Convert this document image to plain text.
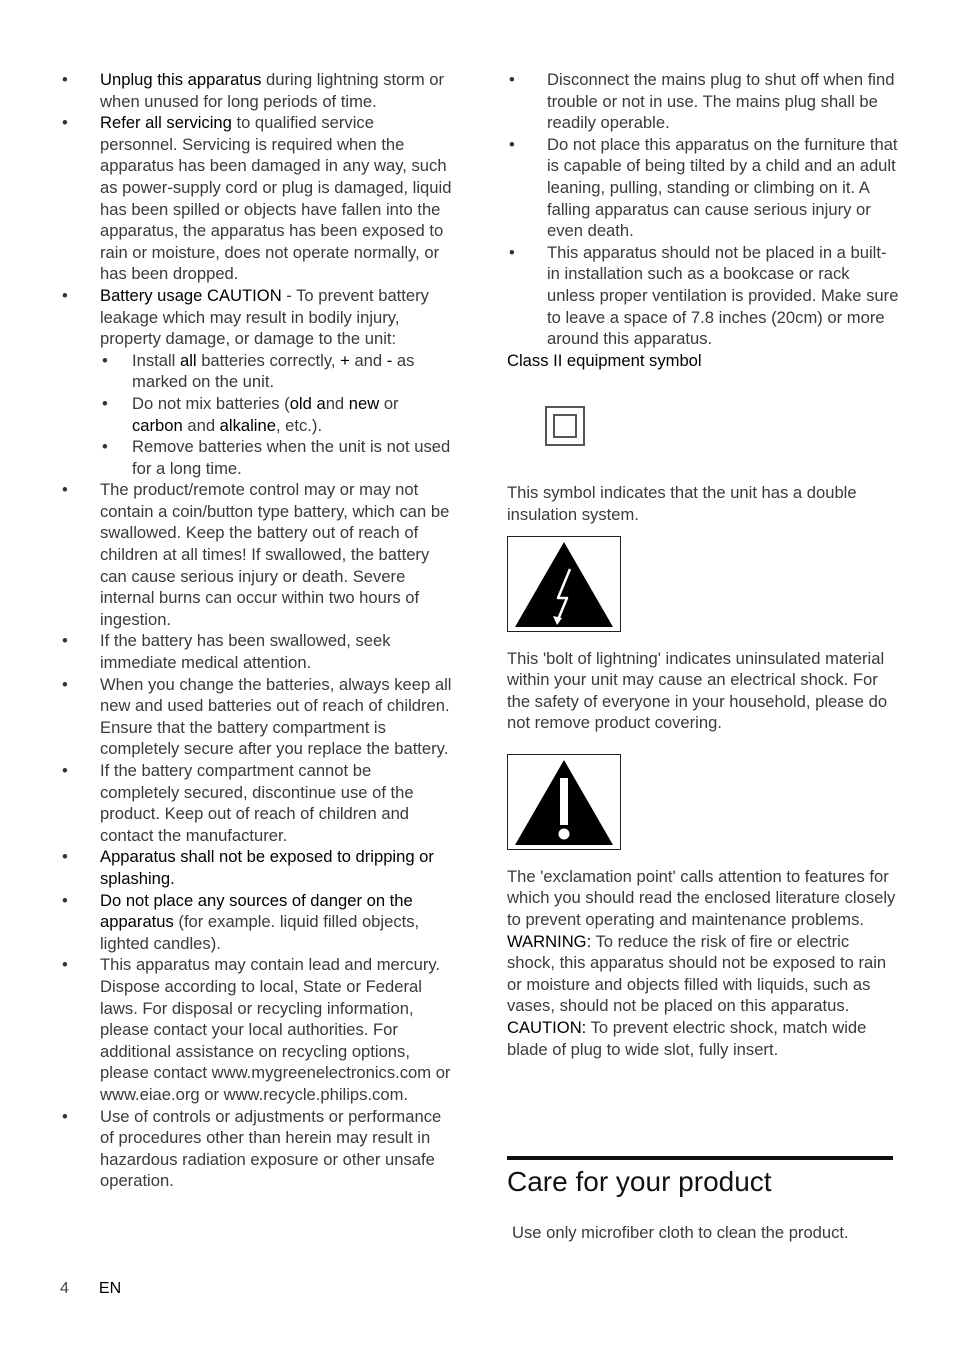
• Unplug this apparatus during lightning storm or when unused for long periods of time.
• Refer all servicing to qualified service personnel. Servicing is required when the apparatus has been damaged in any way, such as power-supply cord or plug is damaged, liquid has been spilled or objects have fallen into the apparatus, the apparatus has been exposed to rain or moisture, does not operate normally, or has been dropped.
• Battery usage CAUTION - To prevent battery leakage which may result in bodily injury, property damage, or damage to the unit:
• Install all batteries correctly, + and - as marked on the unit.
• Do not mix batteries (old and new or carbon and alkaline, etc.).
• Remove batteries when the unit is not used for a long time.
• The product/remote control may or may not contain a coin/button type battery, which can be swallowed. Keep the battery out of reach of children at all times! If swallowed, the battery can cause serious injury or death. Severe internal burns can occur within two hours of ingestion.
• If the battery has been swallowed, seek immediate medical attention.
• When you change the batteries, always keep all new and used batteries out of reach of children. Ensure that the battery compartment is completely secure after you replace the battery.
• If the battery compartment cannot be completely secured, discontinue use of the product. Keep out of reach of children and contact the manufacturer.
• Apparatus shall not be exposed to dripping or splashing.
• Do not place any sources of danger on the apparatus (for example. liquid filled objects, lighted candles).
• This apparatus may contain lead and mercury. Dispose according to local, State or Federal laws. For disposal or recycling information, please contact your local authorities. For additional assistance on recycling options, please contact www.mygreenelectronics.com or www.eiae.org or www.recycle.philips.com.
• Use of controls or adjustments or performance of procedures other than herein may result in hazardous radiation exposure or other unsafe operation.
• Disconnect the mains plug to shut off when find trouble or not in use. The mains plug shall be readily operable.
• Do not place this apparatus on the furniture that is capable of being tilted by a child and an adult leaning, pulling, standing or climbing on it. A falling apparatus can cause serious injury or even death.
• This apparatus should not be placed in a built-in installation such as a bookcase or rack unless proper ventilation is provided. Make sure to leave a space of 7.8 inches (20cm) or more around this apparatus.

Class II equipment symbol

This symbol indicates that the unit has a double insulation system.

This 'bolt of lightning' indicates uninsulated material within your unit may cause an electrical shock. For the safety of everyone in your household, please do not remove product covering.

The 'exclamation point' calls attention to features for which you should read the enclosed literature closely to prevent operating and maintenance problems.

WARNING: To reduce the risk of fire or electric shock, this apparatus should not be exposed to rain or moisture and objects filled with liquids, such as vases, should not be placed on this apparatus.

CAUTION: To prevent electric shock, match wide blade of plug to wide slot, fully insert.

Care for your product

Use only microfiber cloth to clean the product.

4 EN
